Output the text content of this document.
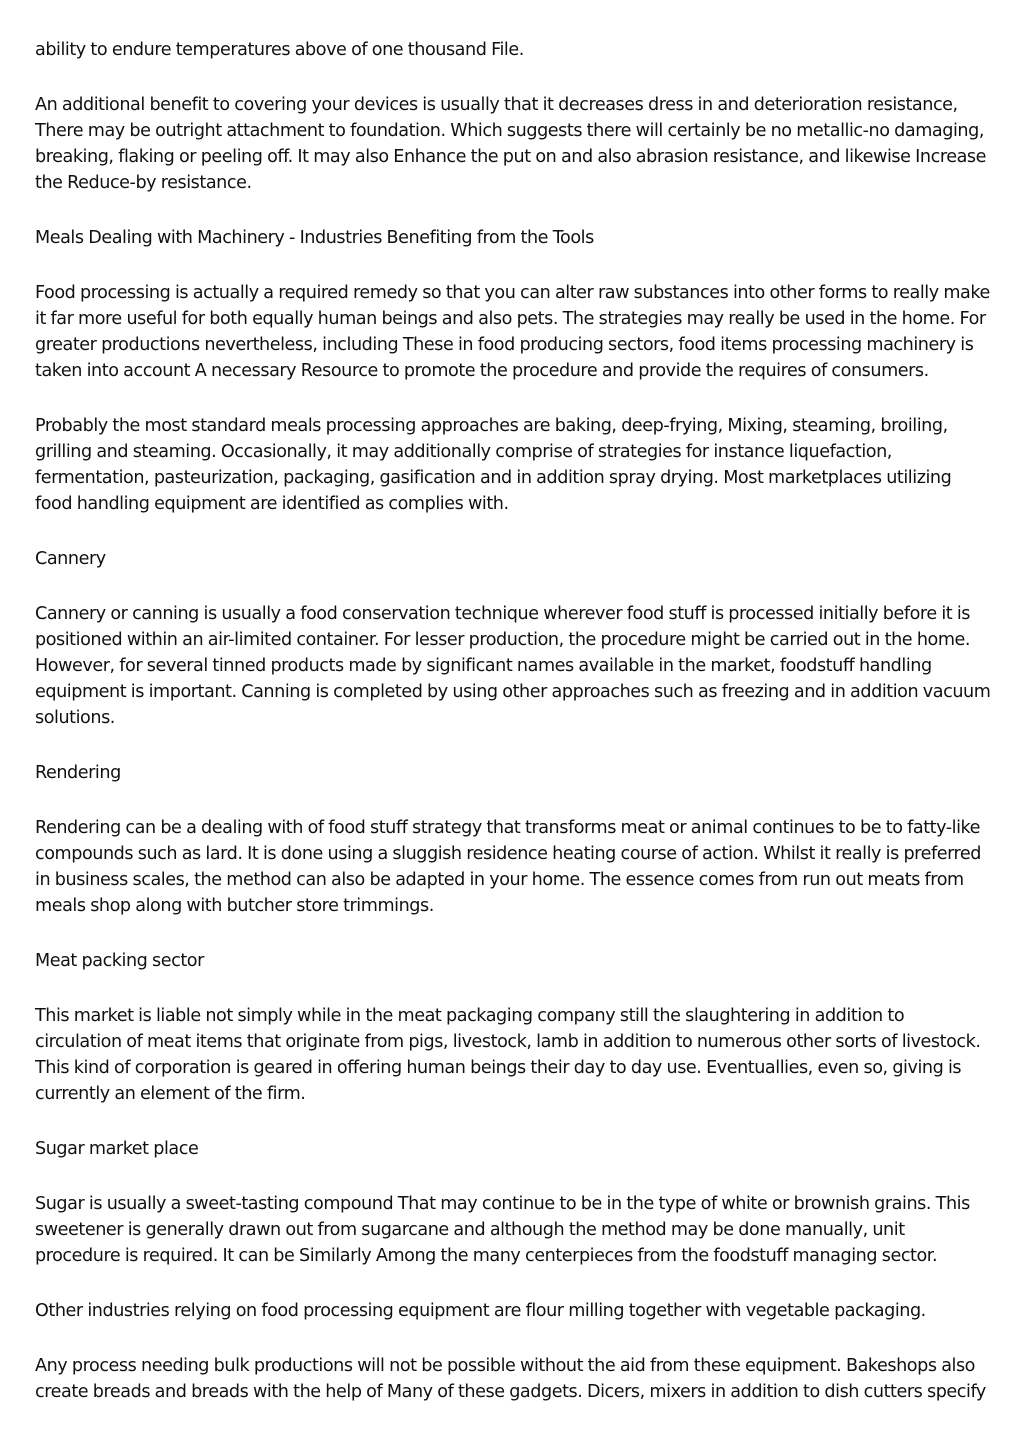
ability to endure temperatures above of one thousand File.

An additional benefit to covering your devices is usually that it decreases dress in and deterioration resistance, There may be outright attachment to foundation. Which suggests there will certainly be no metallic-no damaging, breaking, flaking or peeling off. It may also Enhance the put on and also abrasion resistance, and likewise Increase the Reduce-by resistance.

Meals Dealing with Machinery - Industries Benefiting from the Tools

Food processing is actually a required remedy so that you can alter raw substances into other forms to really make it far more useful for both equally human beings and also pets. The strategies may really be used in the home. For greater productions nevertheless, including These in food producing sectors, food items processing machinery is taken into account A necessary Resource to promote the procedure and provide the requires of consumers.

Probably the most standard meals processing approaches are baking, deep-frying, Mixing, steaming, broiling, grilling and steaming. Occasionally, it may additionally comprise of strategies for instance liquefaction, fermentation, pasteurization, packaging, gasification and in addition spray drying. Most marketplaces utilizing food handling equipment are identified as complies with.

Cannery

Cannery or canning is usually a food conservation technique wherever food stuff is processed initially before it is positioned within an air-limited container. For lesser production, the procedure might be carried out in the home. However, for several tinned products made by significant names available in the market, foodstuff handling equipment is important. Canning is completed by using other approaches such as freezing and in addition vacuum solutions.

Rendering

Rendering can be a dealing with of food stuff strategy that transforms meat or animal continues to be to fatty-like compounds such as lard. It is done using a sluggish residence heating course of action. Whilst it really is preferred in business scales, the method can also be adapted in your home. The essence comes from run out meats from meals shop along with butcher store trimmings.

Meat packing sector

This market is liable not simply while in the meat packaging company still the slaughtering in addition to circulation of meat items that originate from pigs, livestock, lamb in addition to numerous other sorts of livestock. This kind of corporation is geared in offering human beings their day to day use. Eventuallies, even so, giving is currently an element of the firm.

Sugar market place

Sugar is usually a sweet-tasting compound That may continue to be in the type of white or brownish grains. This sweetener is generally drawn out from sugarcane and although the method may be done manually, unit procedure is required. It can be Similarly Among the many centerpieces from the foodstuff managing sector.

Other industries relying on food processing equipment are flour milling together with vegetable packaging.

Any process needing bulk productions will not be possible without the aid from these equipment. Bakeshops also create breads and breads with the help of Many of these gadgets. Dicers, mixers in addition to dish cutters specify
